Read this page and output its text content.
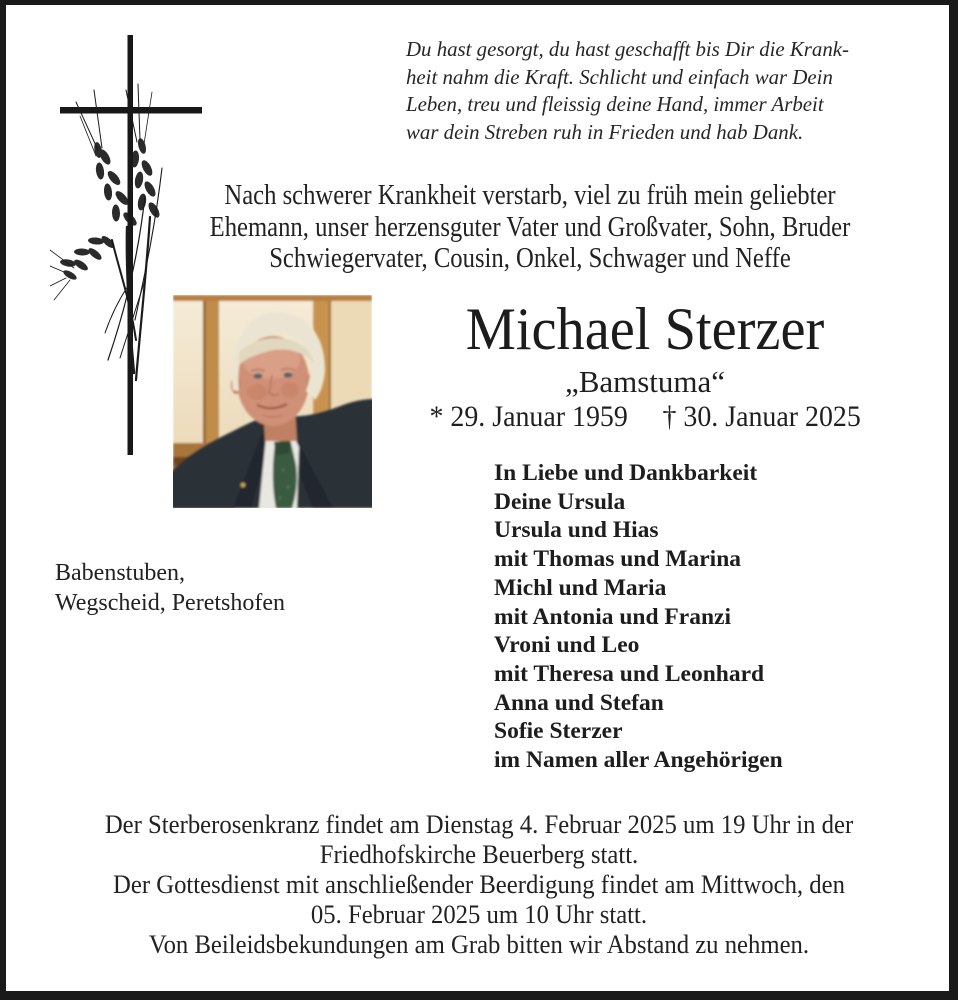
Du hast gesorgt, du hast geschafft bis Dir die Krank-
heit nahm die Kraft. Schlicht und einfach war Dein
Leben, treu und fleissig deine Hand, immer Arbeit
war dein Streben ruh in Frieden und hab Dank.
Nach schwerer Krankheit verstarb, viel zu früh mein geliebter
Ehemann, unser herzensguter Vater und Großvater, Sohn, Bruder
Schwiegervater, Cousin, Onkel, Schwager und Neffe
Michael Sterzer
„Bamstuma“
* 29. Januar 1959 † 30. Januar 2025
In Liebe und Dankbarkeit
Deine Ursula
Ursula und Hias
mit Thomas und Marina
Michl und Maria
mit Antonia und Franzi
Vroni und Leo
mit Theresa und Leonhard
Anna und Stefan
Sofie Sterzer
im Namen aller Angehörigen
Babenstuben,
Wegscheid, Peretshofen
Der Sterberosenkranz findet am Dienstag 4. Februar 2025 um 19 Uhr in der
Friedhofskirche Beuerberg statt.
Der Gottesdienst mit anschließender Beerdigung findet am Mittwoch, den
05. Februar 2025 um 10 Uhr statt.
Von Beileidsbekundungen am Grab bitten wir Abstand zu nehmen.
